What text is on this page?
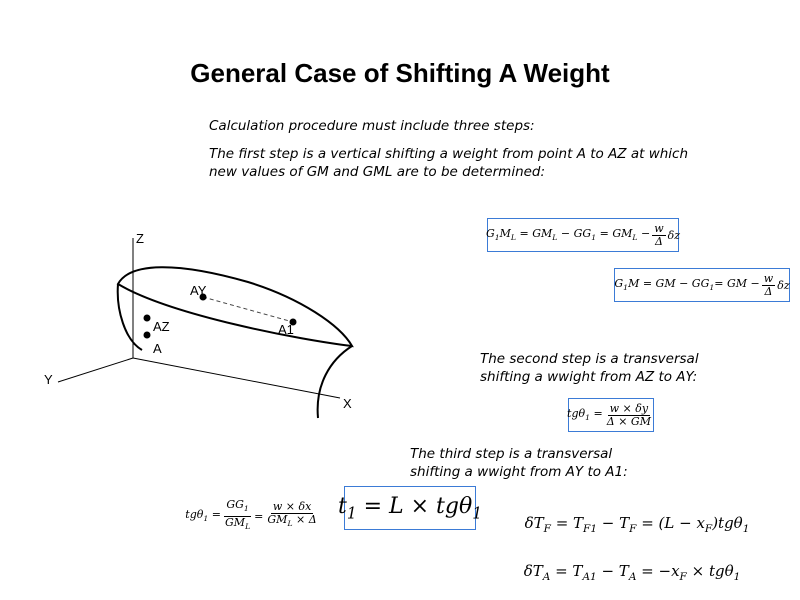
General Case of Shifting A Weight
Calculation procedure must include three steps:
The first step is a vertical shifting a weight from point A to AZ at which
new values of GM and GML are to be determined:
Z
Y
X
A
AZ
AY
A1
$G_1M_L = GM_L - GG_1 = GM_L - \frac{w}{\Delta}$ δz
$G_1M$ = GM − $GG_1=$ GM − $\frac{w}{\Delta}$ δz
The second step is a transversal
shifting a wwight from AZ to AY:
$tg\theta_1 = \frac{w \times \delta y}{\Delta \times GM}$
The third step is a transversal
shifting a wwight from AY to A1:
$tg\theta_1 = \frac{GG_1}{GM_L} = \frac{w \times \delta x}{GM_L \times \Delta} t_1 = L \times tg\theta_1$
$\delta T_F = T_{F1} - T_F = (L - x_F)tg\theta_1$
$\delta T_A = T_{A1} - T_A = -x_F \times tg\theta_1$
